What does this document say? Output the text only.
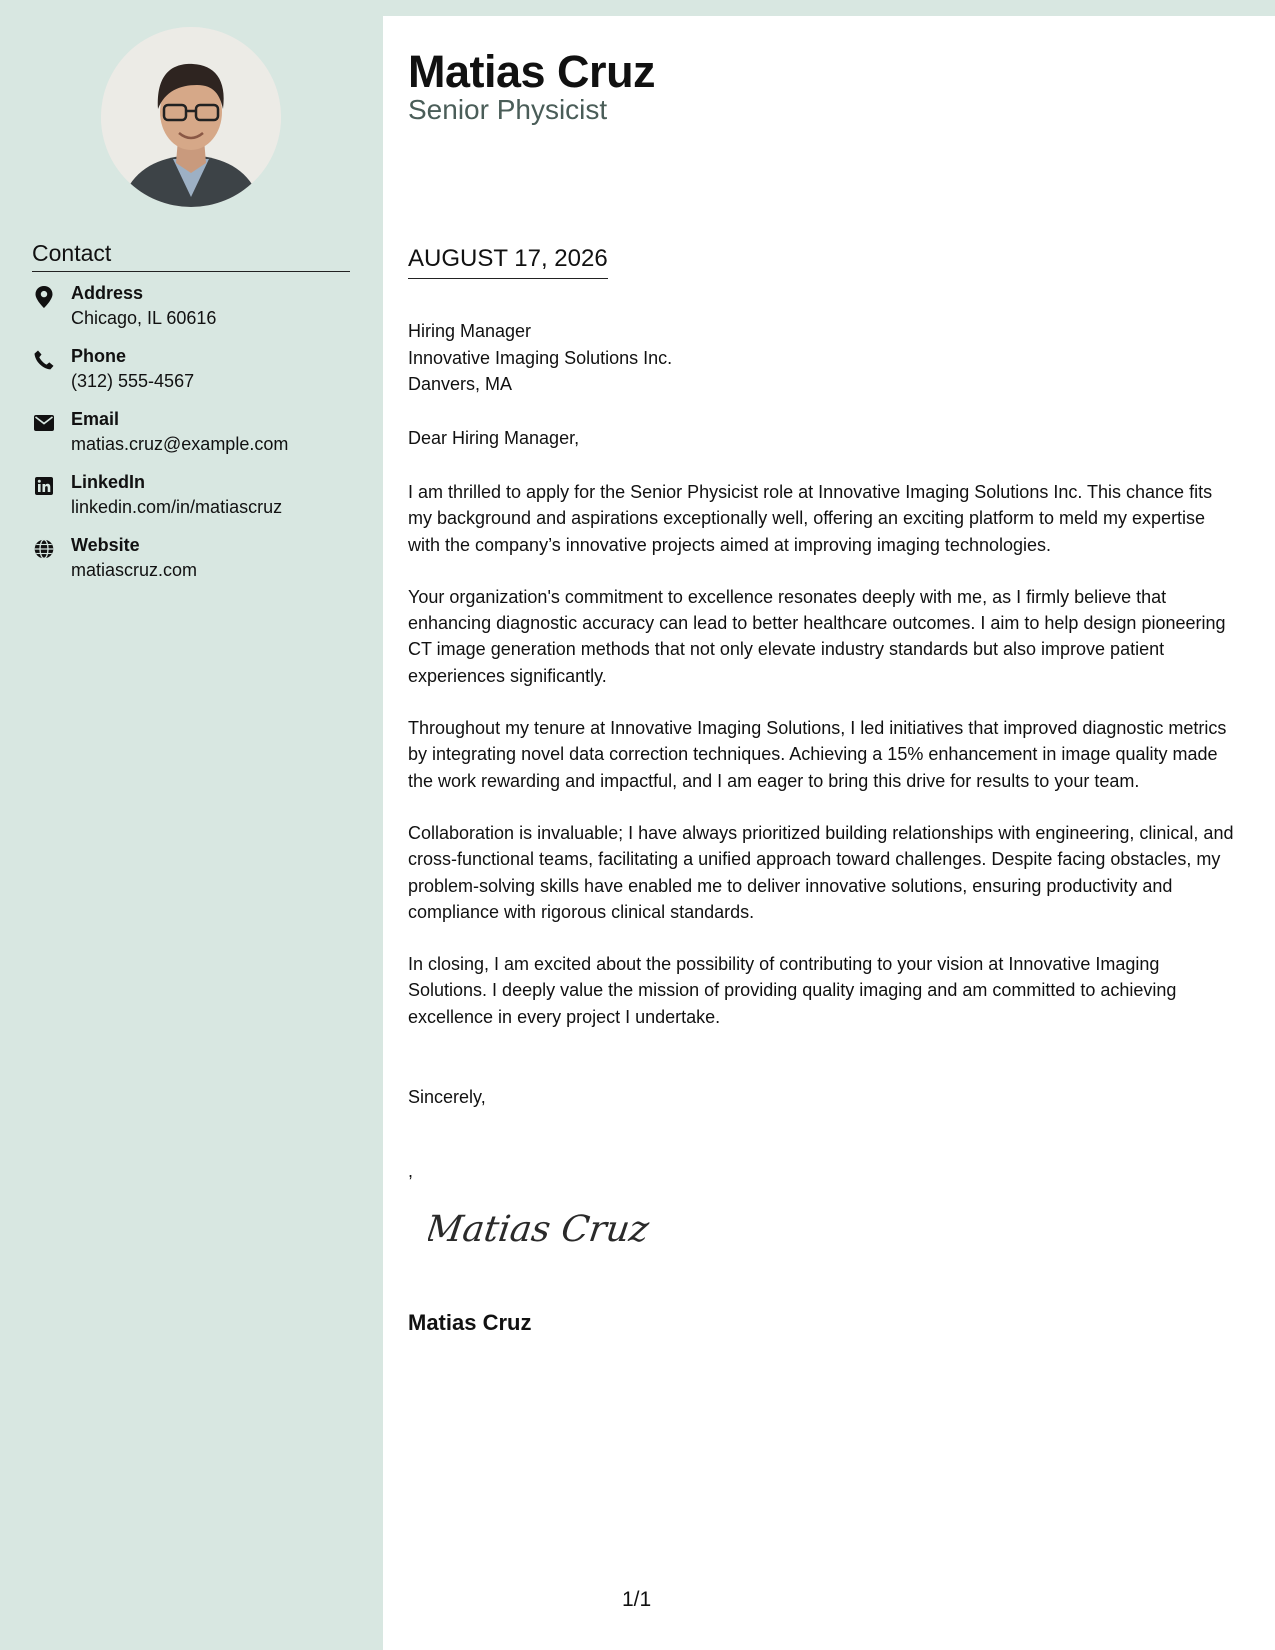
Contact
Address
Chicago, IL 60616
Phone
(312) 555-4567
Email
matias.cruz@example.com
LinkedIn
linkedin.com/in/matiascruz
Website
matiascruz.com
Matias Cruz
Senior Physicist
AUGUST 17, 2026
Hiring Manager
Innovative Imaging Solutions Inc.
Danvers, MA
Dear Hiring Manager,

I am thrilled to apply for the Senior Physicist role at Innovative Imaging Solutions Inc. This chance fits my background and aspirations exceptionally well, offering an exciting platform to meld my expertise with the company’s innovative projects aimed at improving imaging technologies.

Your organization's commitment to excellence resonates deeply with me, as I firmly believe that enhancing diagnostic accuracy can lead to better healthcare outcomes. I aim to help design pioneering CT image generation methods that not only elevate industry standards but also improve patient experiences significantly.

Throughout my tenure at Innovative Imaging Solutions, I led initiatives that improved diagnostic metrics by integrating novel data correction techniques. Achieving a 15% enhancement in image quality made the work rewarding and impactful, and I am eager to bring this drive for results to your team.

Collaboration is invaluable; I have always prioritized building relationships with engineering, clinical, and cross-functional teams, facilitating a unified approach toward challenges. Despite facing obstacles, my problem-solving skills have enabled me to deliver innovative solutions, ensuring productivity and compliance with rigorous clinical standards.

In closing, I am excited about the possibility of contributing to your vision at Innovative Imaging Solutions. I deeply value the mission of providing quality imaging and am committed to achieving excellence in every project I undertake.

Sincerely,
,
Matias Cruz
Matias Cruz
1/1
